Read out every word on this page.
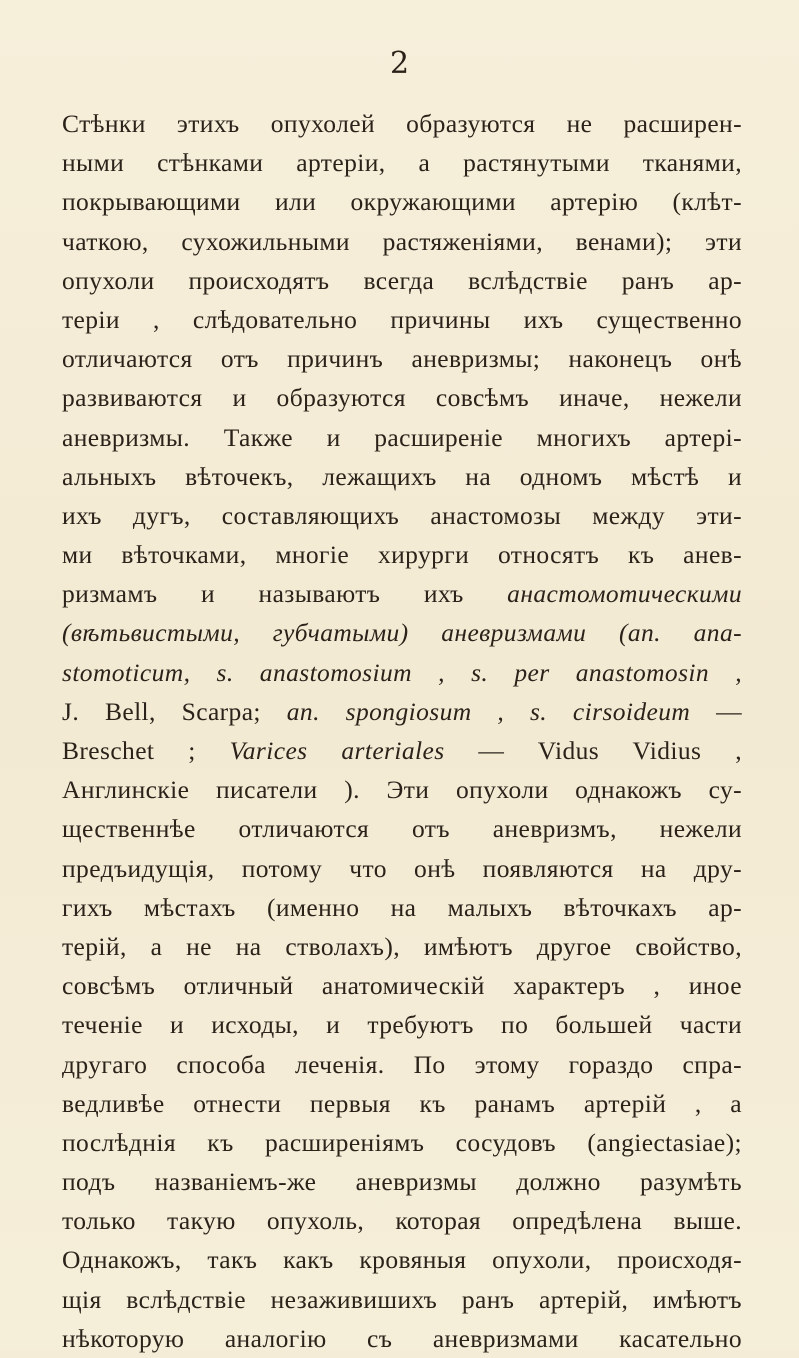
2
Стѣнки этихъ опухолей образуются не расширен-
ными стѣнками артеріи, а растянутыми тканями,
покрывающими или окружающими артерію (клѣт-
чаткою, сухожильными растяженіями, венами); эти
опухоли происходятъ всегда вслѣдствіе ранъ ар-
теріи , слѣдовательно причины ихъ существенно
отличаются отъ причинъ аневризмы; наконецъ онѣ
развиваются и образуются совсѣмъ иначе, нежели
аневризмы. Также и расширеніе многихъ артері-
альныхъ вѣточекъ, лежащихъ на одномъ мѣстѣ и
ихъ дугъ, составляющихъ анастомозы между эти-
ми вѣточками, многіе хирурги относятъ къ анев-
ризмамъ и называютъ ихъ анастомотическими
(вѣтьвистыми, губчатыми) аневризмами (an. ana-
stomoticum, s. anastomosium , s. per anastomosin ,
J. Bell, Scarpa; an. spongiosum , s. cirsoideum —
Breschet ; Varices arteriales — Vidus Vidius ,
Англинскіе писатели ). Эти опухоли однакожъ су-
щественнѣе отличаются отъ аневризмъ, нежели
предъидущія, потому что онѣ появляются на дру-
гихъ мѣстахъ (именно на малыхъ вѣточкахъ ар-
терій, а не на стволахъ), имѣютъ другое свойство,
совсѣмъ отличный анатомическій характеръ , иное
теченіе и исходы, и требуютъ по большей части
другаго способа леченія. По этому гораздо спра-
ведливѣе отнести первыя къ ранамъ артерій , а
послѣднія къ расширеніямъ сосудовъ (angiectasiae);
подъ названіемъ-же аневризмы должно разумѣть
только такую опухоль, которая опредѣлена выше.
Однакожъ, такъ какъ кровяныя опухоли, происходя-
щія вслѣдствіе незаживишихъ ранъ артерій, имѣютъ
нѣкоторую аналогію съ аневризмами касательно
